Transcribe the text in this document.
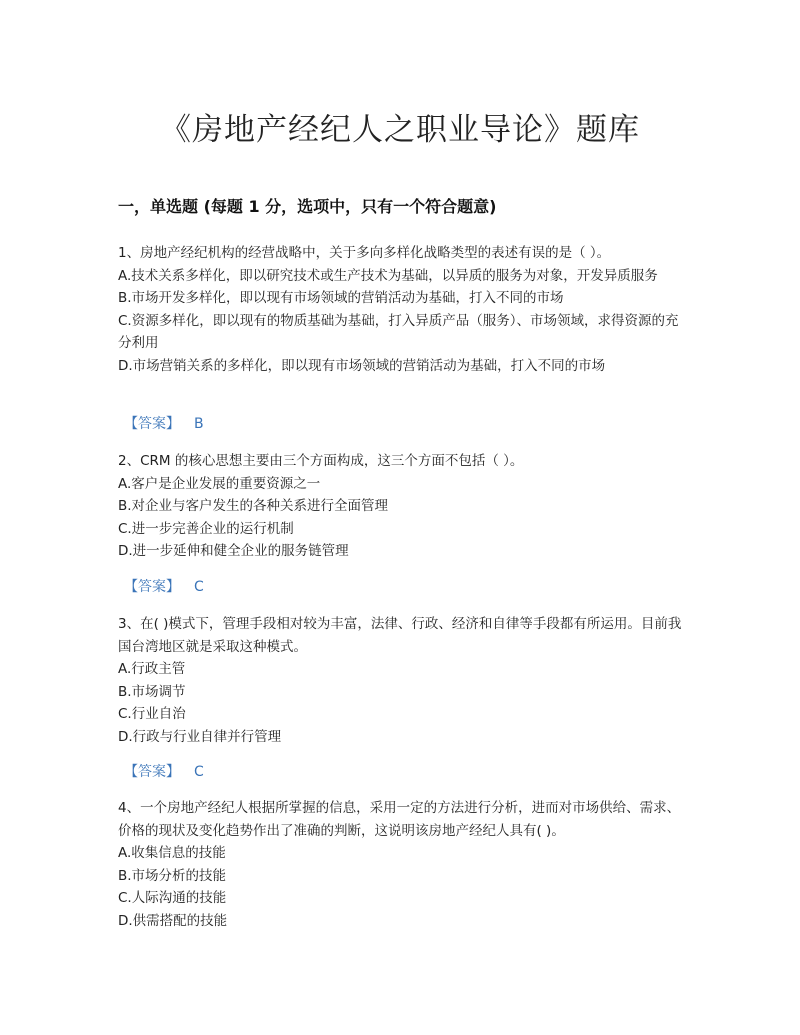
《房地产经纪人之职业导论》题库
一，单选题 (每题 1 分，选项中，只有一个符合题意)

1、房地产经纪机构的经营战略中，关于多向多样化战略类型的表述有误的是（ ）。

A.技术关系多样化，即以研究技术或生产技术为基础，以异质的服务为对象，开发异质服务

B.市场开发多样化，即以现有市场领域的营销活动为基础，打入不同的市场

C.资源多样化，即以现有的物质基础为基础，打入异质产品（服务）、市场领域，求得资源的充分利用

D.市场营销关系的多样化，即以现有市场领域的营销活动为基础，打入不同的市场

【答案】 B

2、CRM 的核心思想主要由三个方面构成，这三个方面不包括（ ）。

A.客户是企业发展的重要资源之一

B.对企业与客户发生的各种关系进行全面管理

C.进一步完善企业的运行机制

D.进一步延伸和健全企业的服务链管理

【答案】 C

3、在( )模式下，管理手段相对较为丰富，法律、行政、经济和自律等手段都有所运用。目前我国台湾地区就是采取这种模式。

A.行政主管

B.市场调节

C.行业自治

D.行政与行业自律并行管理

【答案】 C

4、一个房地产经纪人根据所掌握的信息，采用一定的方法进行分析，进而对市场供给、需求、价格的现状及变化趋势作出了准确的判断，这说明该房地产经纪人具有( )。

A.收集信息的技能

B.市场分析的技能

C.人际沟通的技能

D.供需搭配的技能
